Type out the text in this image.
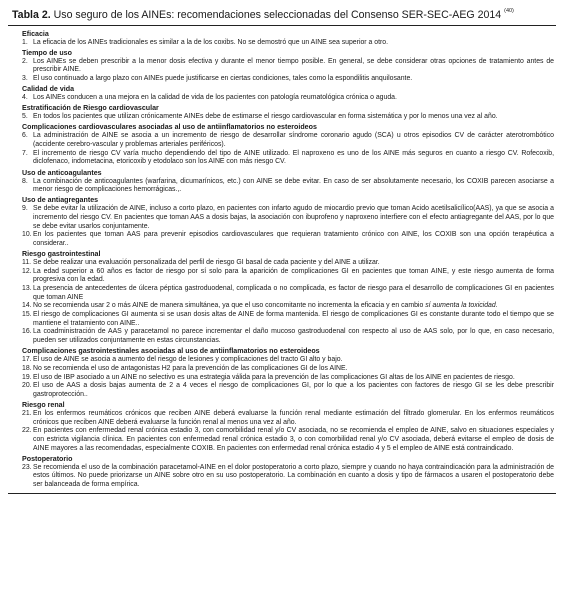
Tabla 2. Uso seguro de los AINEs: recomendaciones seleccionadas del Consenso SER-SEC-AEG 2014 $^{(40)}$
Eficacia
1. La eficacia de los AINEs tradicionales es similar a la de los coxibs. No se demostró que un AINE sea superior a otro.
Tiempo de uso
2. Los AINEs se deben prescribir a la menor dosis efectiva y durante el menor tiempo posible. En general, se debe considerar otras opciones de tratamiento antes de prescribir AINE.
3. El uso continuado a largo plazo con AINEs puede justificarse en ciertas condiciones, tales como la espondilitis anquilosante.
Calidad de vida
4. Los AINEs conducen a una mejora en la calidad de vida de los pacientes con patología reumatológica crónica o aguda.
Estratificación de Riesgo cardiovascular
5. En todos los pacientes que utilizan crónicamente AINEs debe de estimarse el riesgo cardiovascular en forma sistemática y por lo menos una vez al año.
Complicaciones cardiovasculares asociadas al uso de antiinflamatorios no esteroideos
6. La administración de AINE se asocia a un incremento de riesgo de desarrollar síndrome coronario agudo (SCA) u otros episodios CV de carácter aterotrombótico (accidente cerebro-vascular y problemas arteriales periféricos).
7. El incremento de riesgo CV varía mucho dependiendo del tipo de AINE utilizado. El naproxeno es uno de los AINE más seguros en cuanto a riesgo CV. Rofecoxib, diclofenaco, indometacina, etoricoxib y etodolaco son los AINE con más riesgo CV.
Uso de anticoagulantes
8. La combinación de anticoagulantes (warfarina, dicumarínicos, etc.) con AINE se debe evitar. En caso de ser absolutamente necesario, los COXIB parecen asociarse a menor riesgo de complicaciones hemorrágicas.,.
Uso de antiagregantes
9. Se debe evitar la utilización de AINE, incluso a corto plazo, en pacientes con infarto agudo de miocardio previo que toman Acido acetilsalicílico(AAS), ya que se asocia a incremento del riesgo CV. En pacientes que toman AAS a dosis bajas, la asociación con ibuprofeno y naproxeno interfiere con el efecto antiagregante del AAS, por lo que se debe evitar usarlos conjuntamente.
10. En los pacientes que toman AAS para prevenir episodios cardiovasculares que requieran tratamiento crónico con AINE, los COXIB son una opción terapéutica a considerar..
Riesgo gastrointestinal
11. Se debe realizar una evaluación personalizada del perfil de riesgo GI basal de cada paciente y del AINE a utilizar.
12. La edad superior a 60 años es factor de riesgo por sí solo para la aparición de complicaciones GI en pacientes que toman AINE, y este riesgo aumenta de forma progresiva con la edad.
13. La presencia de antecedentes de úlcera péptica gastroduodenal, complicada o no complicada, es factor de riesgo para el desarrollo de complicaciones GI en pacientes que toman AINE
14. No se recomienda usar 2 o más AINE de manera simultánea, ya que el uso concomitante no incrementa la eficacia y en cambio sí aumenta la toxicidad.
15. El riesgo de complicaciones GI aumenta si se usan dosis altas de AINE de forma mantenida. El riesgo de complicaciones GI es constante durante todo el tiempo que se mantiene el tratamiento con AINE..
16. La coadministración de AAS y paracetamol no parece incrementar el daño mucoso gastroduodenal con respecto al uso de AAS solo, por lo que, en caso necesario, pueden ser utilizados conjuntamente en estas circunstancias.
Complicaciones gastrointestinales asociadas al uso de antiinflamatorios no esteroideos
17. El uso de AINE se asocia a aumento del riesgo de lesiones y complicaciones del tracto GI alto y bajo.
18. No se recomienda el uso de antagonistas H2 para la prevención de las complicaciones GI de los AINE.
19. El uso de IBP asociado a un AINE no selectivo es una estrategia válida para la prevención de las complicaciones GI altas de los AINE en pacientes de riesgo.
20. El uso de AAS a dosis bajas aumenta de 2 a 4 veces el riesgo de complicaciones GI, por lo que a los pacientes con factores de riesgo GI se les debe prescribir gastroprotección..
Riesgo renal
21. En los enfermos reumáticos crónicos que reciben AINE deberá evaluarse la función renal mediante estimación del filtrado glomerular. En los enfermos reumáticos crónicos que reciben AINE deberá evaluarse la función renal al menos una vez al año.
22. En pacientes con enfermedad renal crónica estadio 3, con comorbilidad renal y/o CV asociada, no se recomienda el empleo de AINE, salvo en situaciones especiales y con estricta vigilancia clínica. En pacientes con enfermedad renal crónica estadio 3, o con comorbilidad renal y/o CV asociada, deberá evitarse el empleo de dosis de AINE mayores a las recomendadas, especialmente COXIB. En pacientes con enfermedad renal crónica estadio 4 y 5 el empleo de AINE está contraindicado.
Postoperatorio
23. Se recomienda el uso de la combinación paracetamol-AINE en el dolor postoperatorio a corto plazo, siempre y cuando no haya contraindicación para la administración de estos últimos. No puede priorizarse un AINE sobre otro en su uso postoperatorio. La combinación en cuanto a dosis y tipo de fármacos a usaren el postoperatorio debe ser balanceada de forma empírica.
